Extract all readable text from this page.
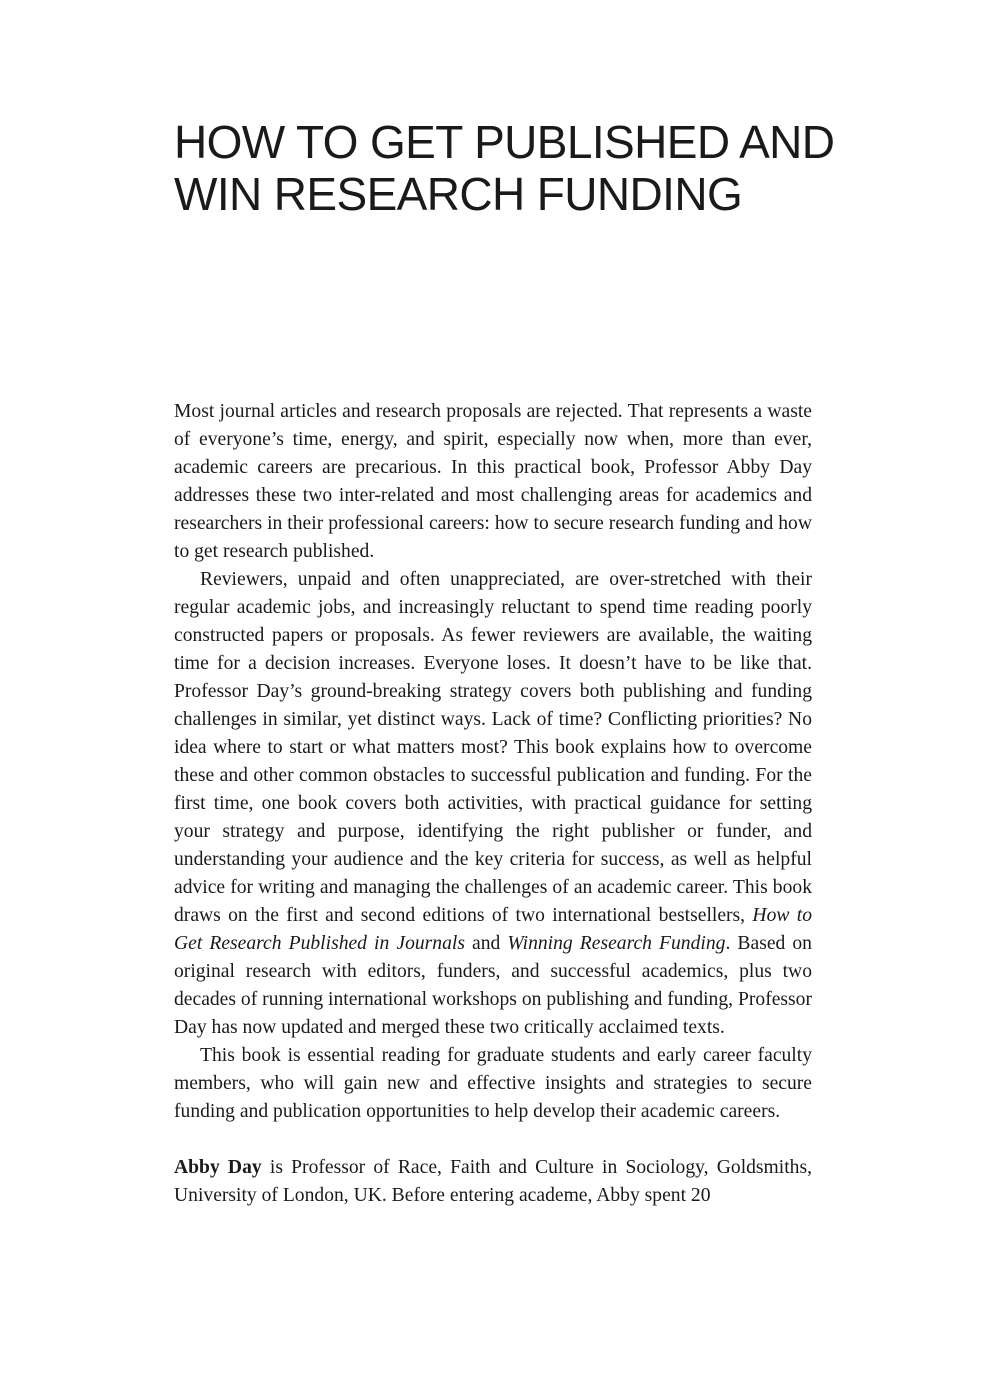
HOW TO GET PUBLISHED AND
WIN RESEARCH FUNDING

Most journal articles and research proposals are rejected. That represents a waste of everyone’s time, energy, and spirit, especially now when, more than ever, academic careers are precarious. In this practical book, Professor Abby Day addresses these two inter-related and most challenging areas for academics and researchers in their professional careers: how to secure research funding and how to get research published.

Reviewers, unpaid and often unappreciated, are over-stretched with their regular academic jobs, and increasingly reluctant to spend time reading poorly constructed papers or proposals. As fewer reviewers are available, the waiting time for a decision increases. Everyone loses. It doesn’t have to be like that. Professor Day’s ground-breaking strategy covers both publishing and funding challenges in similar, yet distinct ways. Lack of time? Conflicting priorities? No idea where to start or what matters most? This book explains how to overcome these and other common obstacles to successful publication and funding. For the first time, one book covers both activities, with practical guidance for setting your strategy and purpose, identifying the right publisher or funder, and understanding your audience and the key criteria for success, as well as helpful advice for writing and managing the challenges of an academic career. This book draws on the first and second editions of two international bestsellers, How to Get Research Published in Journals and Winning Research Funding. Based on original research with editors, funders, and successful academics, plus two decades of running international workshops on publishing and funding, Professor Day has now updated and merged these two critically acclaimed texts.

This book is essential reading for graduate students and early career faculty members, who will gain new and effective insights and strategies to secure funding and publication opportunities to help develop their academic careers.

Abby Day is Professor of Race, Faith and Culture in Sociology, Goldsmiths, University of London, UK. Before entering academe, Abby spent 20
